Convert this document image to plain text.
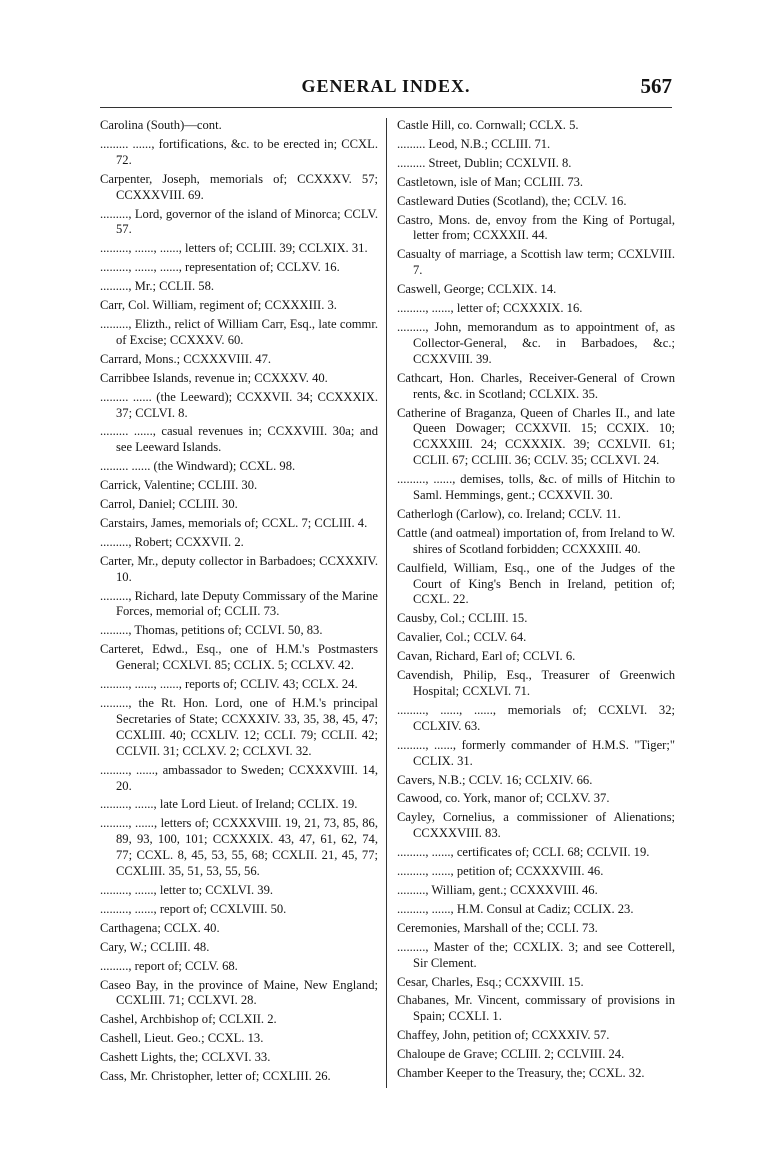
GENERAL INDEX.	567
Carolina (South)—cont.
......... ......, fortifications, &c. to be erected in; CCXL. 72.
Carpenter, Joseph, memorials of; CCXXXV. 57; CCXXXVIII. 69.
........., Lord, governor of the island of Minorca; CCLV. 57.
........., ......, ......, letters of; CCLIII. 39; CCLXIX. 31.
........., ......, ......, representation of; CCLXV. 16.
........., Mr.; CCLII. 58.
Carr, Col. William, regiment of; CCXXXIII. 3.
........., Elizth., relict of William Carr, Esq., late commr. of Excise; CCXXXV. 60.
Carrard, Mons.; CCXXXVIII. 47.
Carribbee Islands, revenue in; CCXXXV. 40.
......... ...... (the Leeward); CCXXVII. 34; CCXXXIX. 37; CCLVI. 8.
......... ......, casual revenues in; CCXXVIII. 30a; and see Leeward Islands.
......... ...... (the Windward); CCXL. 98.
Carrick, Valentine; CCLIII. 30.
Carrol, Daniel; CCLIII. 30.
Carstairs, James, memorials of; CCXL. 7; CCLIII. 4.
........., Robert; CCXXVII. 2.
Carter, Mr., deputy collector in Barbadoes; CCXXXIV. 10.
........., Richard, late Deputy Commissary of the Marine Forces, memorial of; CCLII. 73.
........., Thomas, petitions of; CCLVI. 50, 83.
Carteret, Edwd., Esq., one of H.M.'s Postmasters General; CCXLVI. 85; CCLIX. 5; CCLXV. 42.
........., ......, ......, reports of; CCLIV. 43; CCLX. 24.
........., the Rt. Hon. Lord, one of H.M.'s principal Secretaries of State; CCXXXIV. 33, 35, 38, 45, 47; CCXLIII. 40; CCXLIV. 12; CCLI. 79; CCLII. 42; CCLVII. 31; CCLXV. 2; CCLXVI. 32.
........., ......, ambassador to Sweden; CCXXXVIII. 14, 20.
........., ......, late Lord Lieut. of Ireland; CCLIX. 19.
........., ......, letters of; CCXXXVIII. 19, 21, 73, 85, 86, 89, 93, 100, 101; CCXXXIX. 43, 47, 61, 62, 74, 77; CCXL. 8, 45, 53, 55, 68; CCXLII. 21, 45, 77; CCXLIII. 35, 51, 53, 55, 56.
........., ......, letter to; CCXLVI. 39.
........., ......, report of; CCXLVIII. 50.
Carthagena; CCLX. 40.
Cary, W.; CCLIII. 48.
........., report of; CCLV. 68.
Caseo Bay, in the province of Maine, New England; CCXLIII. 71; CCLXVI. 28.
Cashel, Archbishop of; CCLXII. 2.
Cashell, Lieut. Geo.; CCXL. 13.
Cashett Lights, the; CCLXVI. 33.
Cass, Mr. Christopher, letter of; CCXLIII. 26.
Castle Hill, co. Cornwall; CCLX. 5.
......... Leod, N.B.; CCLIII. 71.
......... Street, Dublin; CCXLVII. 8.
Castletown, isle of Man; CCLIII. 73.
Castleward Duties (Scotland), the; CCLV. 16.
Castro, Mons. de, envoy from the King of Portugal, letter from; CCXXXII. 44.
Casualty of marriage, a Scottish law term; CCXLVIII. 7.
Caswell, George; CCLXIX. 14.
........., ......, letter of; CCXXXIX. 16.
........., John, memorandum as to appointment of, as Collector-General, &c. in Barbadoes, &c.; CCXXVIII. 39.
Cathcart, Hon. Charles, Receiver-General of Crown rents, &c. in Scotland; CCLXIX. 35.
Catherine of Braganza, Queen of Charles II., and late Queen Dowager; CCXXVII. 15; CCXIX. 10; CCXXXIII. 24; CCXXXIX. 39; CCXLVII. 61; CCLII. 67; CCLIII. 36; CCLV. 35; CCLXVI. 24.
........., ......, demises, tolls, &c. of mills of Hitchin to Saml. Hemmings, gent.; CCXXVII. 30.
Catherlogh (Carlow), co. Ireland; CCLV. 11.
Cattle (and oatmeal) importation of, from Ireland to W. shires of Scotland forbidden; CCXXXIII. 40.
Caulfield, William, Esq., one of the Judges of the Court of King's Bench in Ireland, petition of; CCXL. 22.
Causby, Col.; CCLIII. 15.
Cavalier, Col.; CCLV. 64.
Cavan, Richard, Earl of; CCLVI. 6.
Cavendish, Philip, Esq., Treasurer of Greenwich Hospital; CCXLVI. 71.
........., ......, ......, memorials of; CCXLVI. 32; CCLXIV. 63.
........., ......, formerly commander of H.M.S. "Tiger;" CCLIX. 31.
Cavers, N.B.; CCLV. 16; CCLXIV. 66.
Cawood, co. York, manor of; CCLXV. 37.
Cayley, Cornelius, a commissioner of Alienations; CCXXXVIII. 83.
........., ......, certificates of; CCLI. 68; CCLVII. 19.
........., ......, petition of; CCXXXVIII. 46.
........., William, gent.; CCXXXVIII. 46.
........., ......, H.M. Consul at Cadiz; CCLIX. 23.
Ceremonies, Marshall of the; CCLI. 73.
........., Master of the; CCXLIX. 3; and see Cotterell, Sir Clement.
Cesar, Charles, Esq.; CCXXVIII. 15.
Chabanes, Mr. Vincent, commissary of provisions in Spain; CCXLI. 1.
Chaffey, John, petition of; CCXXXIV. 57.
Chaloupe de Grave; CCLIII. 2; CCLVIII. 24.
Chamber Keeper to the Treasury, the; CCXL. 32.
